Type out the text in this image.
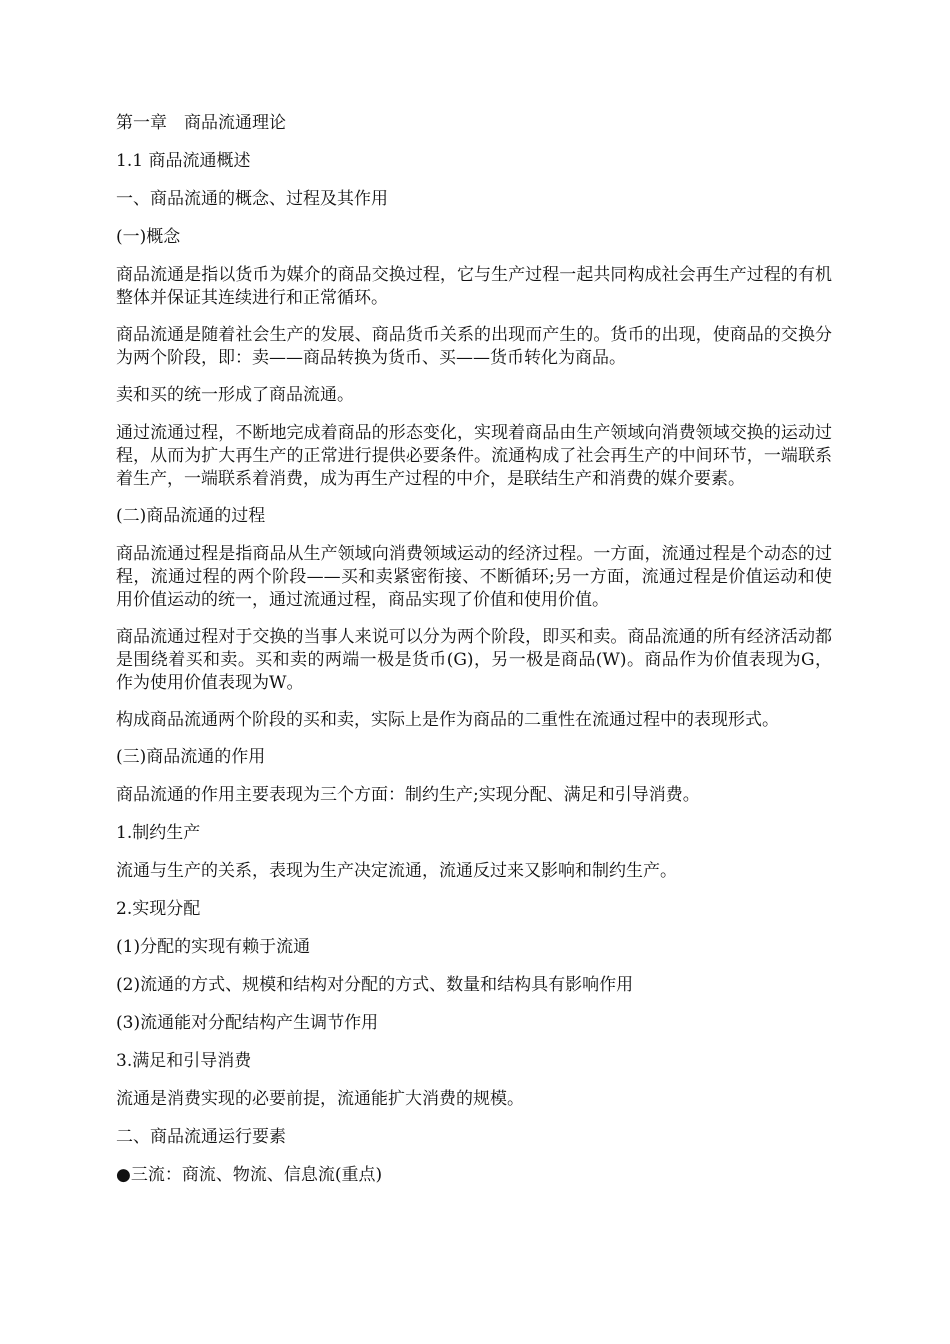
第一章　商品流通理论

1.1 商品流通概述

一、商品流通的概念、过程及其作用

(一)概念

商品流通是指以货币为媒介的商品交换过程，它与生产过程一起共同构成社会再生产过程的有机整体并保证其连续进行和正常循环。

商品流通是随着社会生产的发展、商品货币关系的出现而产生的。货币的出现，使商品的交换分为两个阶段，即：卖——商品转换为货币、买——货币转化为商品。

卖和买的统一形成了商品流通。

通过流通过程，不断地完成着商品的形态变化，实现着商品由生产领域向消费领域交换的运动过程，从而为扩大再生产的正常进行提供必要条件。流通构成了社会再生产的中间环节，一端联系着生产，一端联系着消费，成为再生产过程的中介，是联结生产和消费的媒介要素。

(二)商品流通的过程

商品流通过程是指商品从生产领域向消费领域运动的经济过程。一方面，流通过程是个动态的过程，流通过程的两个阶段——买和卖紧密衔接、不断循环;另一方面，流通过程是价值运动和使用价值运动的统一，通过流通过程，商品实现了价值和使用价值。

商品流通过程对于交换的当事人来说可以分为两个阶段，即买和卖。商品流通的所有经济活动都是围绕着买和卖。买和卖的两端一极是货币(G)，另一极是商品(W)。商品作为价值表现为G，作为使用价值表现为W。

构成商品流通两个阶段的买和卖，实际上是作为商品的二重性在流通过程中的表现形式。

(三)商品流通的作用

商品流通的作用主要表现为三个方面：制约生产;实现分配、满足和引导消费。

1.制约生产

流通与生产的关系，表现为生产决定流通，流通反过来又影响和制约生产。

2.实现分配

(1)分配的实现有赖于流通

(2)流通的方式、规模和结构对分配的方式、数量和结构具有影响作用

(3)流通能对分配结构产生调节作用

3.满足和引导消费

流通是消费实现的必要前提，流通能扩大消费的规模。

二、商品流通运行要素

●三流：商流、物流、信息流(重点)
